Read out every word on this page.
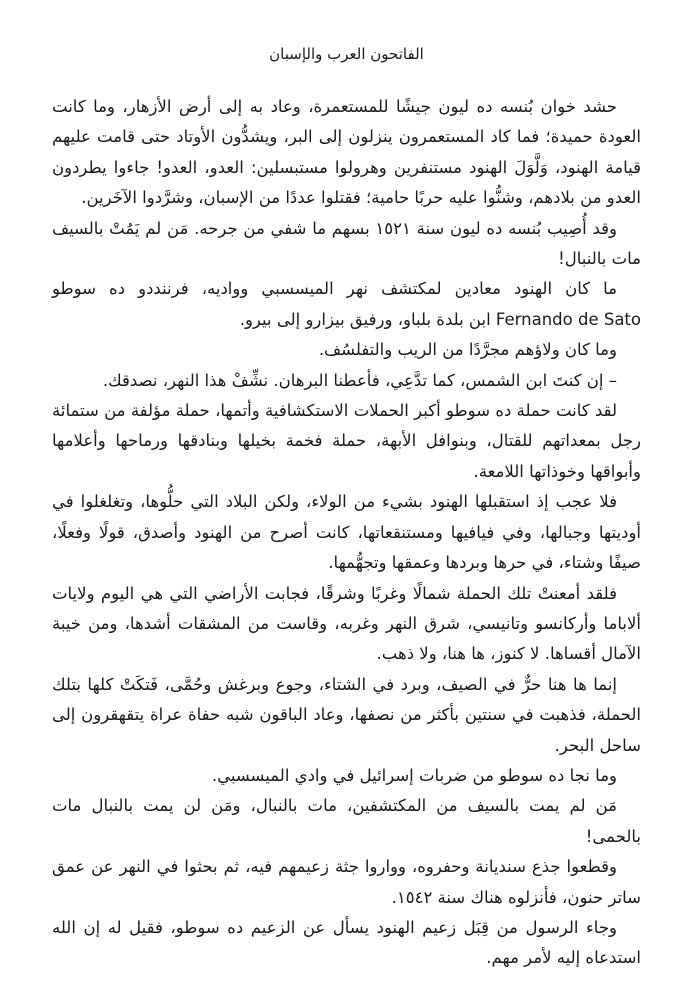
الفاتحون العرب والإسبان

حشد خوان بُنسه ده ليون جيشًا للمستعمرة، وعاد به إلى أرض الأزهار، وما كانت العودة حميدة؛ فما كاد المستعمرون ينزلون إلى البر، ويشدُّون الأوتاد حتى قامت عليهم قيامة الهنود، وَلَّوَلَ الهنود مستنفرين وهرولوا مستبسلين: العدو، العدو! جاءوا يطردون العدو من بلادهم، وشنُّوا عليه حربًا حامية؛ فقتلوا عددًا من الإسبان، وشرَّدوا الآخَرين.

وقد أُصِيب بُنسه ده ليون سنة ١٥٢١ بسهم ما شفي من جرحه. مَن لم يَمُتْ بالسيف مات بالنبال!

ما كان الهنود معادين لمكتشف نهر الميسسبي وواديه، فرننددو ده سوطو Fernando de Sato ابن بلدة بلباو، ورفيق بيزارو إلى بيرو.

وما كان ولاؤهم مجرَّدًا من الريب والتفلسُف.

– إن كنتَ ابن الشمس، كما تدَّعِي، فأعطنا البرهان. نشِّفْ هذا النهر، نصدقك.

لقد كانت حملة ده سوطو أكبر الحملات الاستكشافية وأتمها، حملة مؤلفة من ستمائة رجل بمعداتهم للقتال، وبنوافل الأبهة، حملة فخمة بخيلها وبنادقها ورماحها وأعلامها وأبواقها وخوذاتها اللامعة.

فلا عجب إذ استقبلها الهنود بشيء من الولاء، ولكن البلاد التي حلُّوها، وتغلغلوا في أوديتها وجبالها، وفي فيافيها ومستنقعاتها، كانت أصرح من الهنود وأصدق، قولًا وفعلًا، صيفًا وشتاء، في حرها وبردها وعمقها وتجهُّمها.

فلقد أمعنتْ تلك الحملة شمالًا وغربًا وشرقًا، فجابت الأراضي التي هي اليوم ولايات ألاباما وأركانسو وتانيسي، شرق النهر وغربه، وقاست من المشقات أشدها، ومن خيبة الآمال أقساها. لا كنوز، ها هنا، ولا ذهب.

إنما ها هنا حرٌّ في الصيف، وبرد في الشتاء، وجوع وبرغش وحُمَّى، فَتكَتْ كلها بتلك الحملة، فذهبت في سنتين بأكثر من نصفها، وعاد الباقون شبه حفاة عراة يتقهقرون إلى ساحل البحر.

وما نجا ده سوطو من ضربات إسرائيل في وادي الميسسبي.

مَن لم يمت بالسيف من المكتشفين، مات بالنبال، ومَن لن يمت بالنبال مات بالحمى!

وقطعوا جذع سنديانة وحفروه، وواروا جثة زعيمهم فيه، ثم بحثوا في النهر عن عمق ساتر حنون، فأنزلوه هناك سنة ١٥٤٢.

وجاء الرسول من قِبَل زعيم الهنود يسأل عن الزعيم ده سوطو، فقيل له إن الله استدعاه إليه لأمر مهم.
